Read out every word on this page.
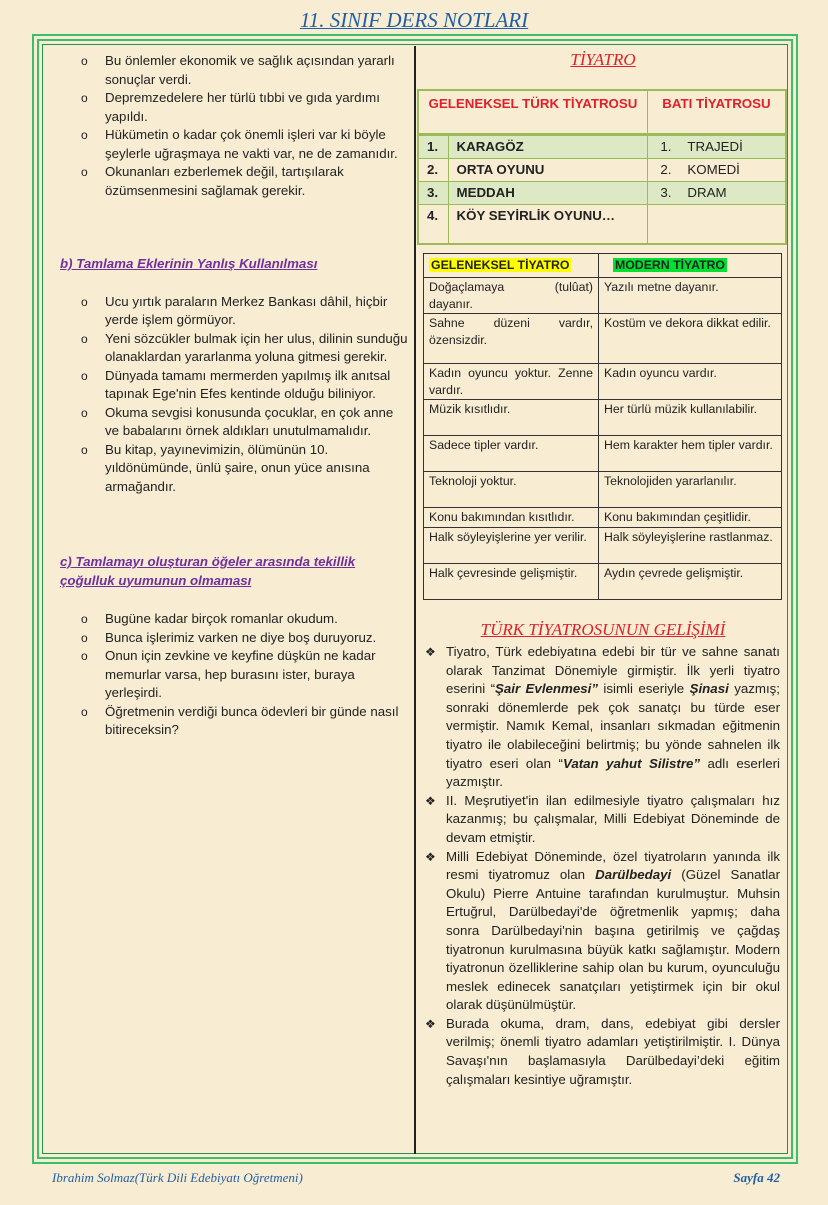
11. SINIF DERS NOTLARI
o Bu önlemler ekonomik ve sağlık açısından yararlı sonuçlar verdi.
o Depremzedelere her türlü tıbbi ve gıda yardımı yapıldı.
o Hükümetin o kadar çok önemli işleri var ki böyle şeylerle uğraşmaya ne vakti var, ne de zamanıdır.
o Okunanları ezberlemek değil, tartışılarak özümsenmesini sağlamak gerekir.
b) Tamlama Eklerinin Yanlış Kullanılması
o Ucu yırtık paraların Merkez Bankası dâhil, hiçbir yerde işlem görmüyor.
o Yeni sözcükler bulmak için her ulus, dilinin sunduğu olanaklardan yararlanma yoluna gitmesi gerekir.
o Dünyada tamamı mermerden yapılmış ilk anıtsal tapınak Ege'nin Efes kentinde olduğu biliniyor.
o Okuma sevgisi konusunda çocuklar, en çok anne ve babalarını örnek aldıkları unutulmamalıdır.
o Bu kitap, yayınevimizin, ölümünün 10. yıldönümünde, ünlü şaire, onun yüce anısına armağandır.
c) Tamlamayı oluşturan öğeler arasında tekillik çoğulluk uyumunun olmaması
o Bugüne kadar birçok romanlar okudum.
o Bunca işlerimiz varken ne diye boş duruyoruz.
o Onun için zevkine ve keyfine düşkün ne kadar memurlar varsa, hep burasını ister, buraya yerleşirdi.
o Öğretmenin verdiği bunca ödevleri bir günde nasıl bitireceksin?
TİYATRO
GELENEKSEL TÜRK TİYATROSU		BATI TİYATROSU	
1.	KARAGÖZ	1.	TRAJEDİ
2.	ORTA OYUNU	2.	KOMEDİ
3.	MEDDAH	3.	DRAM
4.	KÖY SEYİRLİK OYUNU…		
GELENEKSEL TİYATRO	MODERN TİYATRO
Doğaçlamaya (tulûat) dayanır.	Yazılı metne dayanır.
Sahne düzeni vardır, özensizdir.	Kostüm ve dekora dikkat edilir.
Kadın oyuncu yoktur. Zenne vardır.	Kadın oyuncu vardır.
Müzik kısıtlıdır.	Her türlü müzik kullanılabilir.
Sadece tipler vardır.	Hem karakter hem tipler vardır.
Teknoloji yoktur.	Teknolojiden yararlanılır.
Konu bakımından kısıtlıdır.	Konu bakımından çeşitlidir.
Halk söyleyişlerine yer verilir.	Halk söyleyişlerine rastlanmaz.
Halk çevresinde gelişmiştir.	Aydın çevrede gelişmiştir.
TÜRK TİYATROSUNUN GELİŞİMİ

❖ Tiyatro, Türk edebiyatına edebi bir tür ve sahne sanatı olarak Tanzimat Dönemiyle girmiştir. İlk yerli tiyatro eserini “Şair Evlenmesi” isimli eseriyle Şinasi yazmış; sonraki dönemlerde pek çok sanatçı bu türde eser vermiştir. Namık Kemal, insanları sıkmadan eğitmenin tiyatro ile olabileceğini belirtmiş; bu yönde sahnelen ilk tiyatro eseri olan “Vatan yahut Silistre” adlı eserleri yazmıştır.

❖ II. Meşrutiyet'in ilan edilmesiyle tiyatro çalışmaları hız kazanmış; bu çalışmalar, Milli Edebiyat Döneminde de devam etmiştir.

❖ Milli Edebiyat Döneminde, özel tiyatroların yanında ilk resmi tiyatromuz olan Darülbedayi (Güzel Sanatlar Okulu) Pierre Antuine tarafından kurulmuştur. Muhsin Ertuğrul, Darülbedayi'de öğretmenlik yapmış; daha sonra Darülbedayi'nin başına getirilmiş ve çağdaş tiyatronun kurulmasına büyük katkı sağlamıştır. Modern tiyatronun özelliklerine sahip olan bu kurum, oyunculuğu meslek edinecek sanatçıları yetiştirmek için bir okul olarak düşünülmüştür.

❖ Burada okuma, dram, dans, edebiyat gibi dersler verilmiş; önemli tiyatro adamları yetiştirilmiştir. I. Dünya Savaşı'nın başlamasıyla Darülbedayi’deki eğitim çalışmaları kesintiye uğramıştır.

Ibrahim Solmaz(Türk Dili Edebiyatı Oğretmeni)	Sayfa 42
